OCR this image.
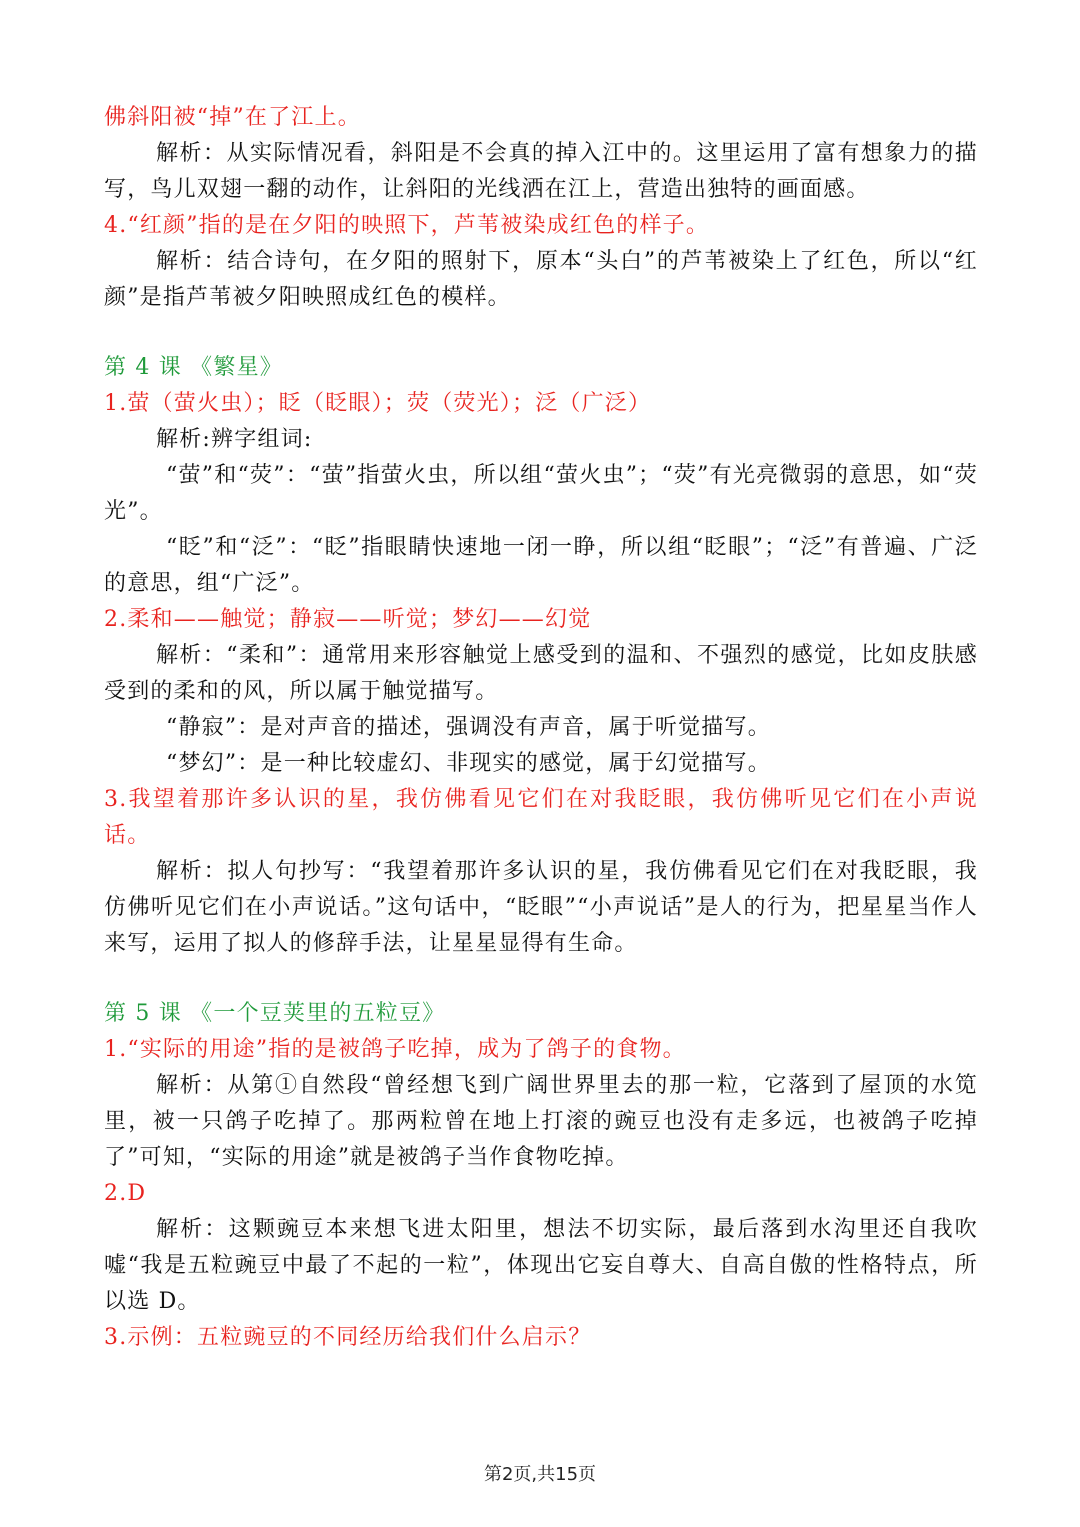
佛斜阳被“掉”在了江上。

解析：从实际情况看，斜阳是不会真的掉入江中的。这里运用了富有想象力的描写，鸟儿双翅一翻的动作，让斜阳的光线洒在江上，营造出独特的画面感。

4.“红颜”指的是在夕阳的映照下，芦苇被染成红色的样子。

解析：结合诗句，在夕阳的照射下，原本“头白”的芦苇被染上了红色，所以“红颜”是指芦苇被夕阳映照成红色的模样。

第 4 课 《繁星》

1.萤（萤火虫）；眨（眨眼）；荧（荧光）；泛（广泛）

解析:辨字组词:

“萤”和“荧”：“萤”指萤火虫，所以组“萤火虫”；“荧”有光亮微弱的意思，如“荧光”。

“眨”和“泛”：“眨”指眼睛快速地一闭一睁，所以组“眨眼”；“泛”有普遍、广泛的意思，组“广泛”。

2.柔和——触觉；静寂——听觉；梦幻——幻觉

解析：“柔和”：通常用来形容触觉上感受到的温和、不强烈的感觉，比如皮肤感受到的柔和的风，所以属于触觉描写。

“静寂”：是对声音的描述，强调没有声音，属于听觉描写。

“梦幻”：是一种比较虚幻、非现实的感觉，属于幻觉描写。

3.我望着那许多认识的星，我仿佛看见它们在对我眨眼，我仿佛听见它们在小声说话。

解析：拟人句抄写：“我望着那许多认识的星，我仿佛看见它们在对我眨眼，我仿佛听见它们在小声说话。”这句话中，“眨眼”“小声说话”是人的行为，把星星当作人来写，运用了拟人的修辞手法，让星星显得有生命。

第 5 课 《一个豆荚里的五粒豆》

1.“实际的用途”指的是被鸽子吃掉，成为了鸽子的食物。

解析：从第①自然段“曾经想飞到广阔世界里去的那一粒，它落到了屋顶的水笕里，被一只鸽子吃掉了。那两粒曾在地上打滚的豌豆也没有走多远，也被鸽子吃掉了”可知，“实际的用途”就是被鸽子当作食物吃掉。

2.D

解析：这颗豌豆本来想飞进太阳里，想法不切实际，最后落到水沟里还自我吹嘘“我是五粒豌豆中最了不起的一粒”，体现出它妄自尊大、自高自傲的性格特点，所以选 D。

3.示例：五粒豌豆的不同经历给我们什么启示？

第2页,共15页
